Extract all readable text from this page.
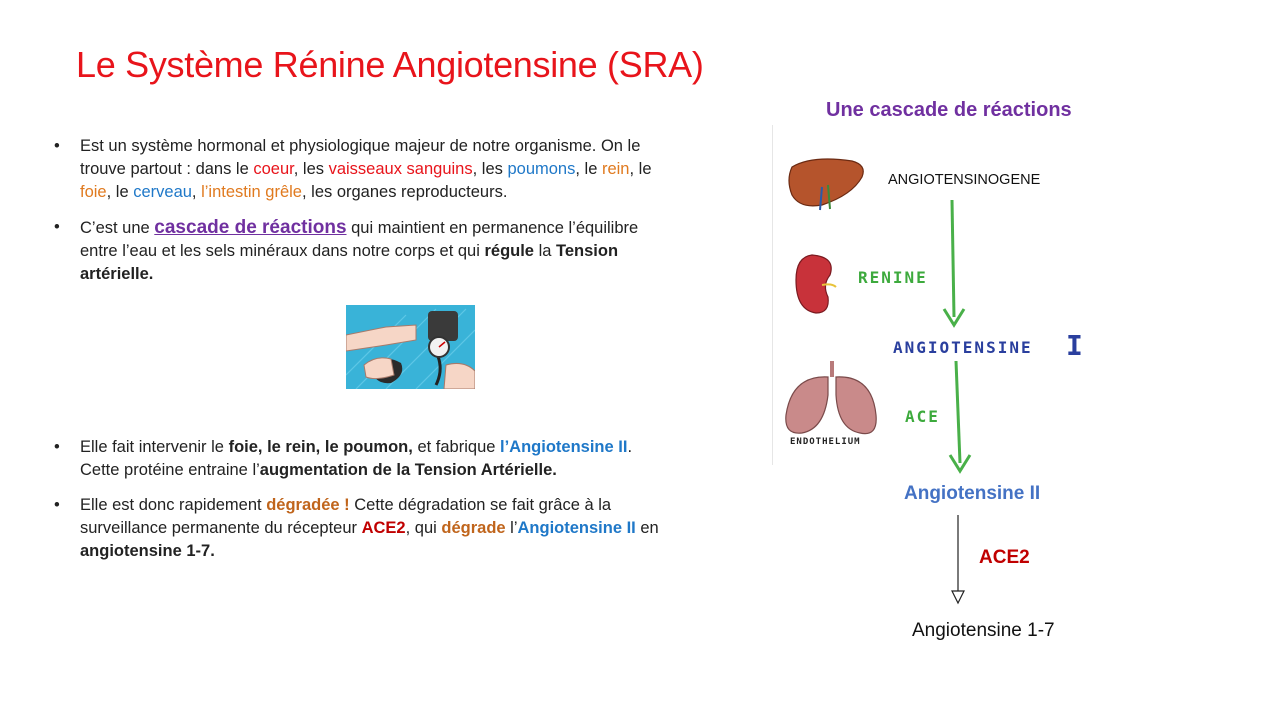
Le Système Rénine Angiotensine (SRA)

• Est un système hormonal et physiologique majeur de notre organisme. On le trouve partout : dans le coeur, les vaisseaux sanguins, les poumons, le rein, le foie, le cerveau, l’intestin grêle, les organes reproducteurs.

• C’est une cascade de réactions qui maintient en permanence l’équilibre entre l’eau et les sels minéraux dans notre corps et qui régule la Tension artérielle.

• Elle fait intervenir le foie, le rein, le poumon, et fabrique l’Angiotensine II. Cette protéine entraine l’augmentation de la Tension Artérielle.

• Elle est donc rapidement dégradée ! Cette dégradation se fait grâce à la surveillance permanente du récepteur ACE2, qui dégrade l’Angiotensine II en angiotensine 1-7.

Une cascade de réactions
ANGIOTENSINOGENE
RENINE
ANGIOTENSINE I
ACE
ENDOTHELIUM
Angiotensine II
ACE2
Angiotensine 1-7
